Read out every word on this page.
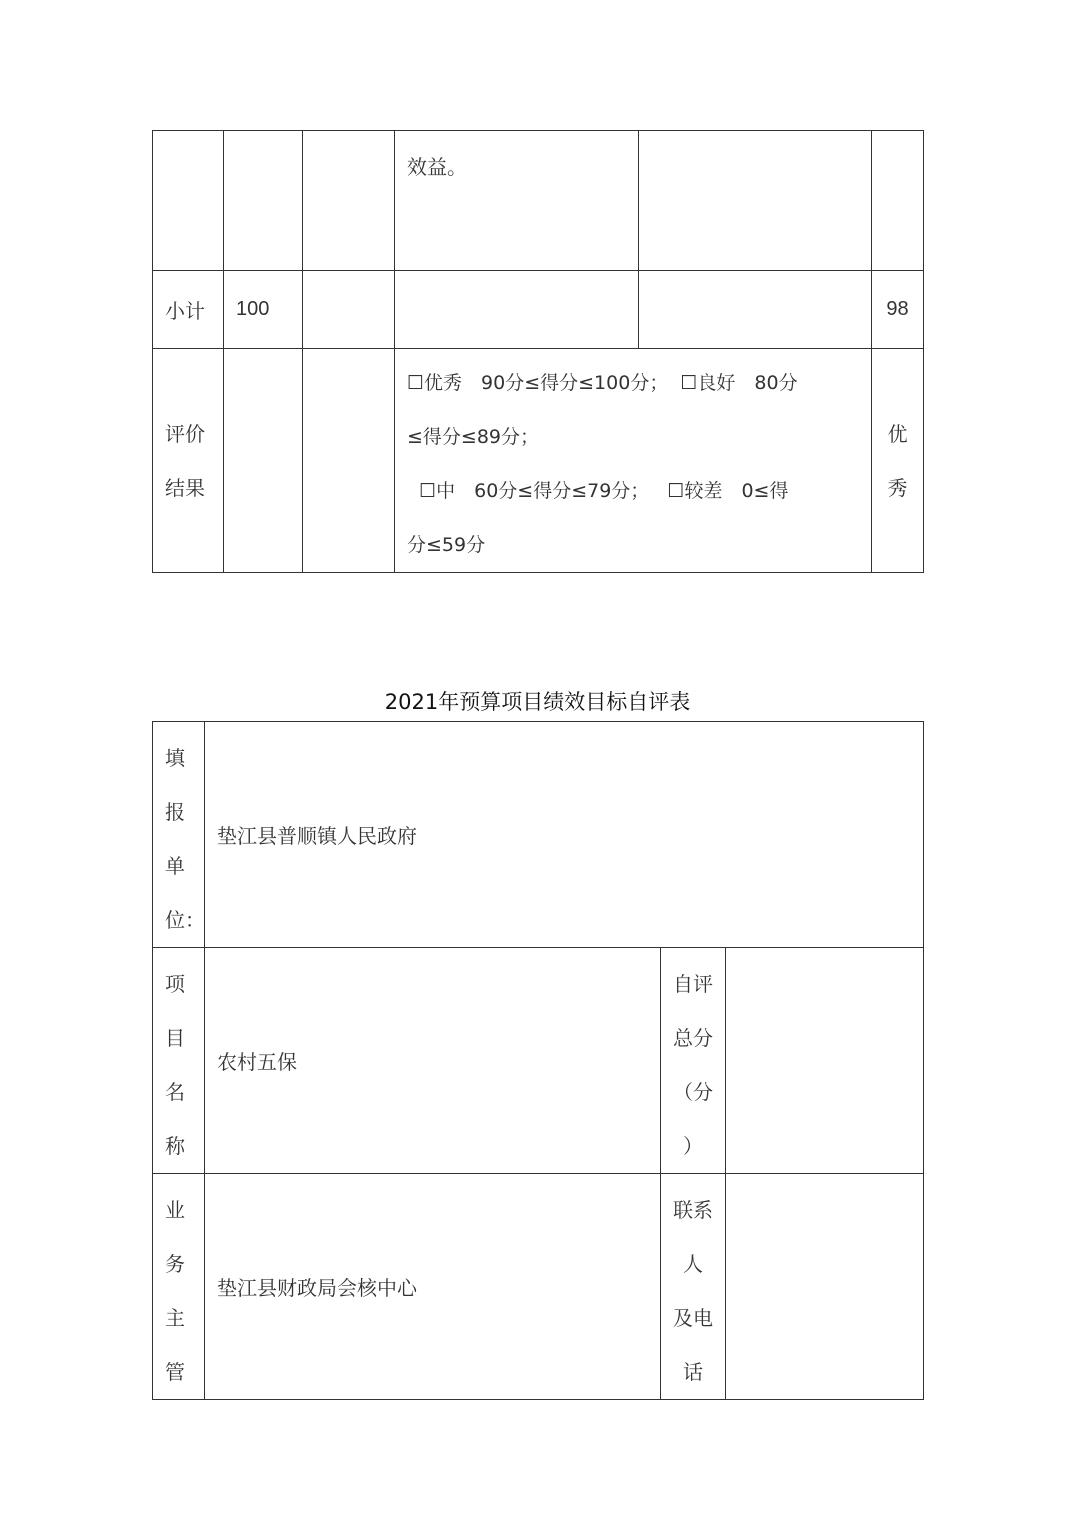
			效益。		

小计	100				98

评价
结果			☐优秀　90分≤得分≤100分；  ☐良好　80分
≤得分≤89分；
☐中　60分≤得分≤79分；   ☐较差　0≤得
分≤59分		优
秀
2021年预算项目绩效目标自评表
填
报
单
位：	垫江县普顺镇人民政府		

项
目
名
称	农村五保	自评
总分
（分
）	

业
务
主
管	垫江县财政局会核中心	联系
人
及电
话	
